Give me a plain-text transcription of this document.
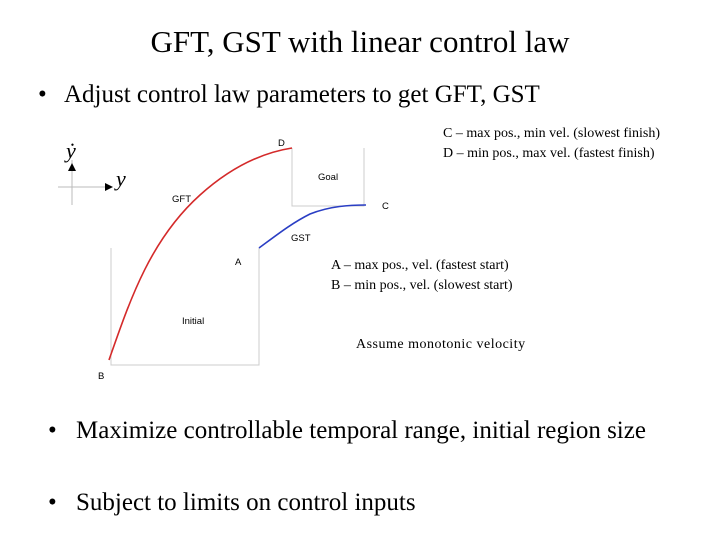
GFT, GST with linear control law
• Adjust control law parameters to get GFT, GST
ẏ
y
D
C
A
B
Goal
GFT
GST
Initial
C – max pos., min vel. (slowest finish)
D – min pos., max vel. (fastest finish)
A – max pos., vel. (fastest start)
B – min pos., vel. (slowest start)
Assume monotonic velocity
• Maximize controllable temporal range, initial region size
• Subject to limits on control inputs
